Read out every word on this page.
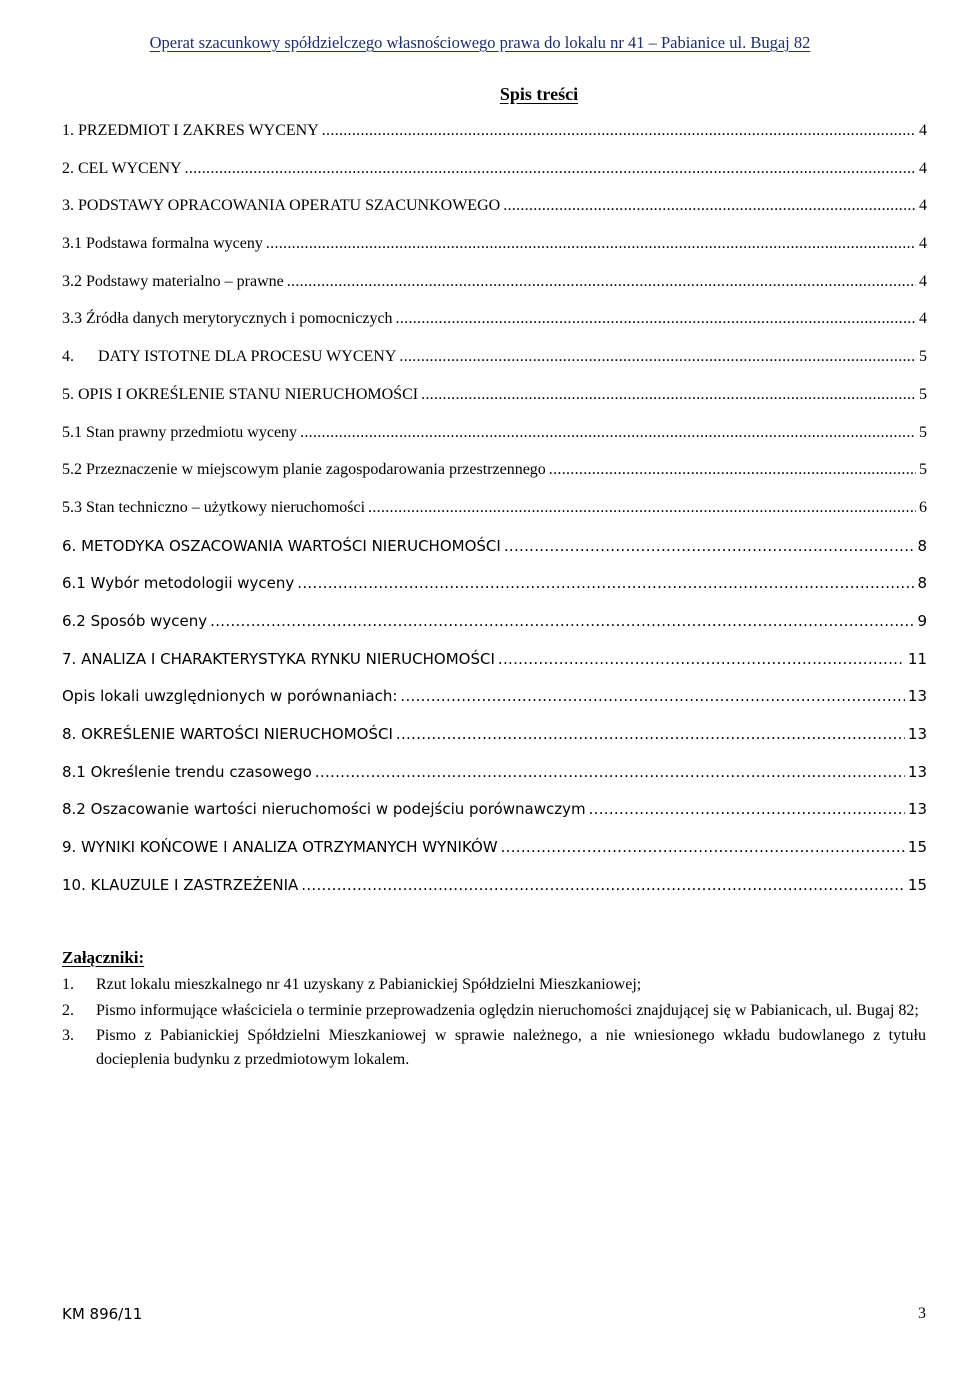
Operat szacunkowy spółdzielczego własnościowego prawa do lokalu nr 41 – Pabianice ul. Bugaj 82
Spis treści
1. PRZEDMIOT I ZAKRES WYCENY .....	4
2. CEL WYCENY .....	4
3. PODSTAWY OPRACOWANIA OPERATU SZACUNKOWEGO .....	4
3.1 Podstawa formalna wyceny .....	4
3.2 Podstawy materialno – prawne .....	4
3.3 Źródła danych merytorycznych i pomocniczych .....	4
4. DATY ISTOTNE DLA PROCESU WYCENY .....	5
5. OPIS I OKREŚLENIE STANU NIERUCHOMOŚCI .....	5
5.1 Stan prawny przedmiotu wyceny .....	5
5.2 Przeznaczenie w miejscowym planie zagospodarowania przestrzennego .....	5
5.3 Stan techniczno – użytkowy nieruchomości .....	6
6. METODYKA OSZACOWANIA WARTOŚCI NIERUCHOMOŚCI .....	8
6.1 Wybór metodologii wyceny .....	8
6.2 Sposób wyceny .....	9
7. ANALIZA I CHARAKTERYSTYKA RYNKU NIERUCHOMOŚCI .....	11
Opis lokali uwzględnionych w porównaniach: .....	13
8. OKREŚLENIE WARTOŚCI NIERUCHOMOŚCI .....	13
8.1 Określenie trendu czasowego .....	13
8.2 Oszacowanie wartości nieruchomości w podejściu porównawczym .....	13
9. WYNIKI KOŃCOWE I ANALIZA OTRZYMANYCH WYNIKÓW .....	15
10. KLAUZULE I ZASTRZEŻENIA .....	15
Załączniki:
1.	Rzut lokalu mieszkalnego nr 41 uzyskany z Pabianickiej Spółdzielni Mieszkaniowej;
2.	Pismo informujące właściciela o terminie przeprowadzenia oględzin nieruchomości znajdującej się w Pabianicach, ul. Bugaj 82;
3.	Pismo z Pabianickiej Spółdzielni Mieszkaniowej w sprawie należnego, a nie wniesionego wkładu budowlanego z tytułu docieplenia budynku z przedmiotowym lokalem.
KM 896/11	3
